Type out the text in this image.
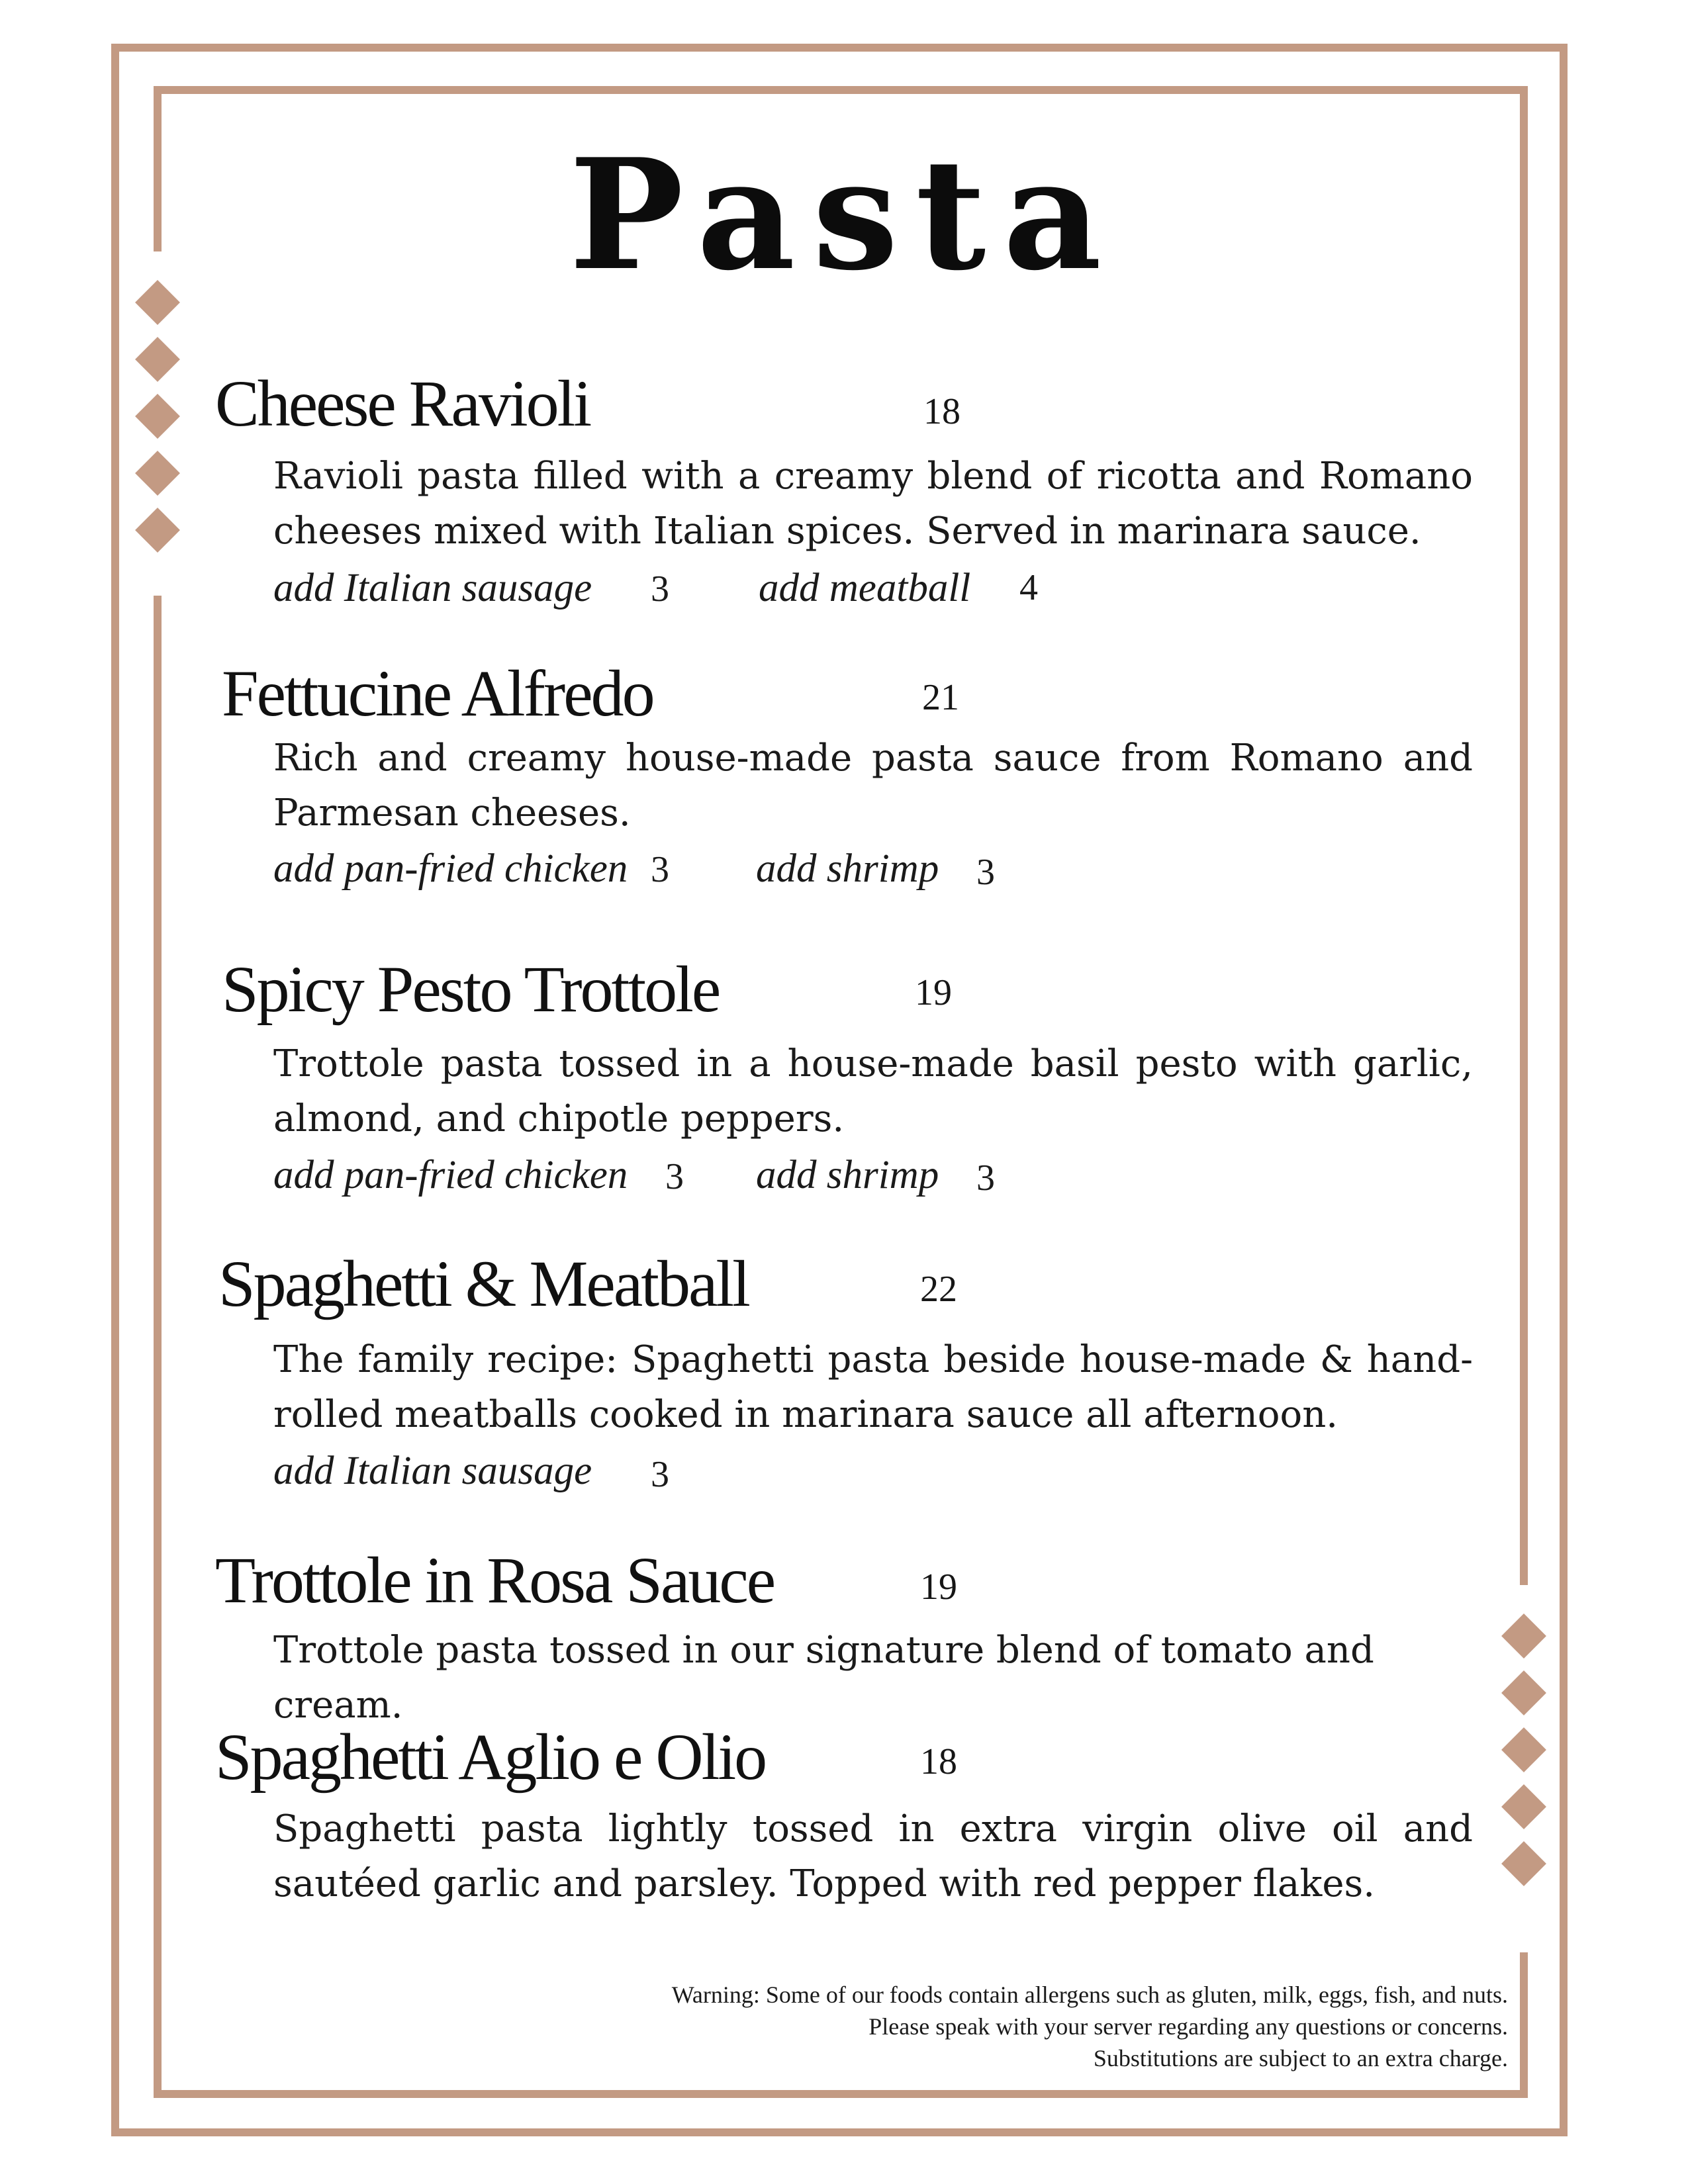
Pasta
Cheese Ravioli	18
Ravioli pasta filled with a creamy blend of ricotta and Romano cheeses mixed with Italian spices. Served in marinara sauce.
add Italian sausage 3 add meatball 4
Fettucine Alfredo	21
Rich and creamy house-made pasta sauce from Romano and Parmesan cheeses.
add pan-fried chicken 3 add shrimp 3
Spicy Pesto Trottole	19
Trottole pasta tossed in a house-made basil pesto with garlic, almond, and chipotle peppers.
add pan-fried chicken 3 add shrimp 3
Spaghetti & Meatball	22
The family recipe: Spaghetti pasta beside house-made & hand-rolled meatballs cooked in marinara sauce all afternoon.
add Italian sausage 3
Trottole in Rosa Sauce	19
Trottole pasta tossed in our signature blend of tomato and cream.
Spaghetti Aglio e Olio	18
Spaghetti pasta lightly tossed in extra virgin olive oil and sautéed garlic and parsley. Topped with red pepper flakes.
Warning: Some of our foods contain allergens such as gluten, milk, eggs, fish, and nuts.
Please speak with your server regarding any questions or concerns.
Substitutions are subject to an extra charge.
